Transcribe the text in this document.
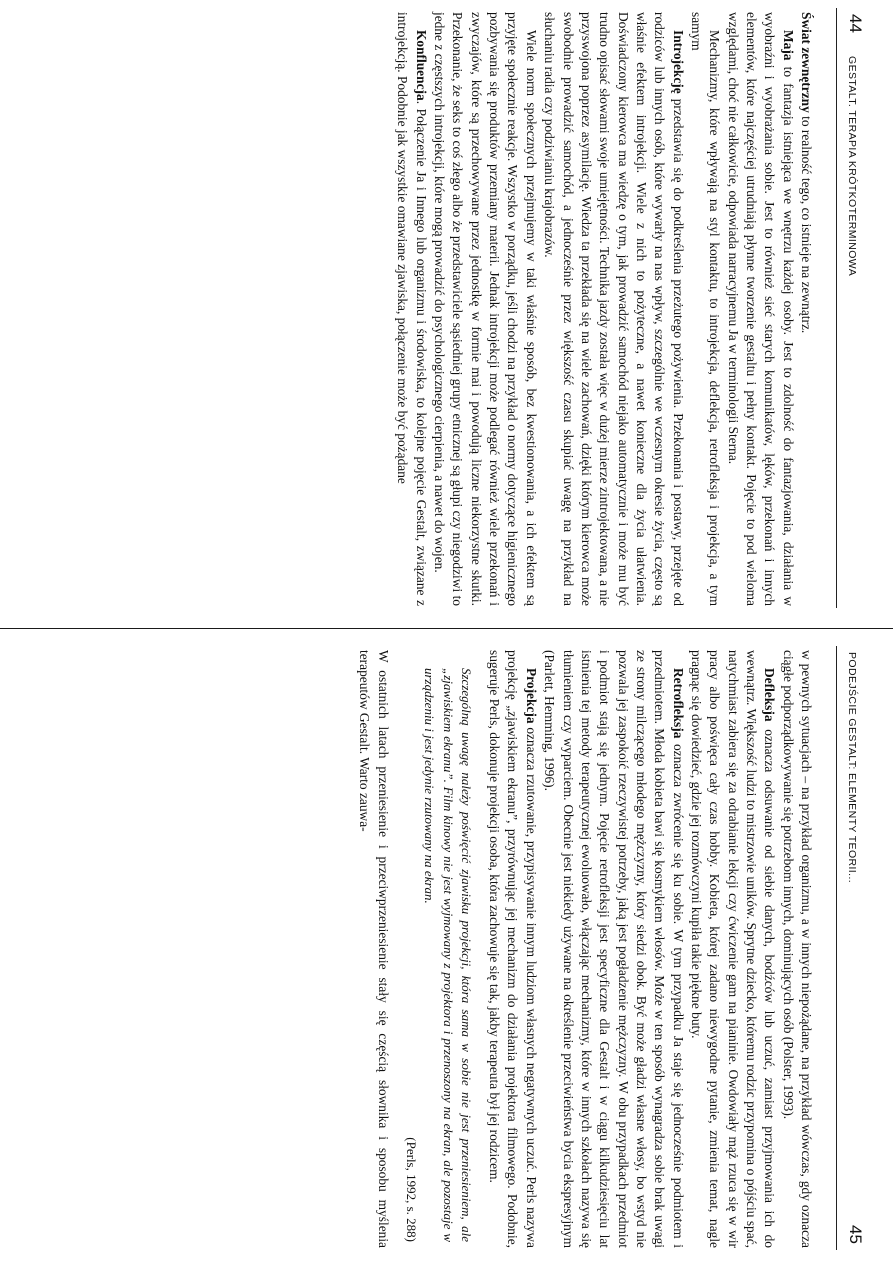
44
GESTALT. TERAPIA KRÓTKOTERMINOWA

Świat zewnętrzny to realność tego, co istnieje na zewnątrz.

Maja to fantazja istniejąca we wnętrzu każdej osoby. Jest to zdolność do fantazjowania, działania w wyobraźni i wyobrażania sobie. Jest to również sieć starych komunikatów, lęków, przekonań i innych elementów, które najczęściej utrudniają płynne tworzenie gestaltu i pełny kontakt. Pojęcie to pod wieloma względami, choć nie całkowicie, odpowiada narracyjnemu Ja w terminologii Sterna.

Mechanizmy, które wpływają na styl kontaktu, to introjekcja, deflekcja, retrofleksja i projekcja, a tym samym

Introjekcję przedstawia się do podkreślenia przeżutego pożywienia. Przekonania i postawy, przejęte od rodziców lub innych osób, które wywarły na nas wpływ, szczególnie we wczesnym okresie życia, często są właśnie efektem introjekcji. Wiele z nich to pożyteczne, a nawet konieczne dla życia ułatwienia. Doświadczony kierowca ma wiedzę o tym, jak prowadzić samochód niejako automatycznie i może mu być trudno opisać słowami swoje umiejętności. Technika jazdy została więc w dużej mierze zintrojektowana, a nie przyswojona poprzez asymilację. Wiedza ta przekłada się na wiele zachowań, dzięki którym kierowca może swobodnie prowadzić samochód, a jednocześnie przez większość czasu skupiać uwagę na przykład na słuchaniu radia czy podziwianiu krajobrazów.

Wiele norm społecznych przejmujemy w taki właśnie sposób, bez kwestionowania, a ich efektem są przyjęte społecznie reakcje. Wszystko w porządku, jeśli chodzi na przykład o normy dotyczące higienicznego pozbywania się produktów przemiany materii. Jednak introjekcji może podlegać również wiele przekonań i zwyczajów, które są przechowywane przez jednostkę w formie mai i powodują liczne niekorzystne skutki. Przekonanie, że seks to coś złego albo że przedstawiciele sąsiedniej grupy etnicznej są głupi czy niegodziwi to jedne z częstszych introjekcji, które mogą prowadzić do psychologicznego cierpienia, a nawet do wojen.

Konfluencja. Połączenie Ja i Innego lub organizmu i środowiska, to kolejne pojęcie Gestalt, związane z introjekcją. Podobnie jak wszystkie omawiane zjawiska, połączenie może być pożądane

PODEJŚCIE GESTALT: ELEMENTY TEORII...
45

w pewnych sytuacjach – na przykład organizmu, a w innych niepożądane, na przykład wówczas, gdy oznacza ciągłe podporządkowywanie się potrzebom innych, dominujących osób (Polster, 1993).

Defleksja oznacza odsuwanie od siebie danych, bodźców lub uczuć, zamiast przyjmowania ich do wewnątrz. Większość ludzi to mistrzowie uników. Sprytne dziecko, któremu rodzic przypomina o pójściu spać, natychmiast zabiera się za odrabianie lekcji czy ćwiczenie gam na pianinie. Owdowiały mąż rzuca się w wir pracy albo poświęca cały czas hobby. Kobieta, której zadano niewygodne pytanie, zmienia temat, nagle pragnąc się dowiedzieć, gdzie jej rozmówczyni kupiła takie piękne buty.

Retrofleksja oznacza zwrócenie się ku sobie. W tym przypadku Ja staje się jednocześnie podmiotem i przedmiotem. Młoda kobieta bawi się kosmykiem włosów. Może w ten sposób wynagradza sobie brak uwagi ze strony milczącego młodego mężczyzny, który siedzi obok. Być może gładzi własne włosy, bo wstyd nie pozwala jej zaspokoić rzeczywistej potrzeby, jaką jest pogładzenie mężczyzny. W obu przypadkach przedmiot i podmiot stają się jednym. Pojęcie retrofleksji jest specyficzne dla Gestalt i w ciągu kilkudziesięciu lat istnienia tej metody terapeutycznej ewoluowało, włączając mechanizmy, które w innych szkołach nazywa się tłumieniem czy wyparciem. Obecnie jest niekiedy używane na określenie przeciwieństwa bycia ekspresyjnym (Parlett, Hemming, 1996).

Projekcja oznacza rzutowanie, przypisywanie innym ludziom własnych negatywnych uczuć. Perls nazywa projekcję „zjawiskiem ekranu”, przyrównując jej mechanizm do działania projektora filmowego. Podobnie, sugeruje Perls, dokonuje projekcji osoba, która zachowuje się tak, jakby terapeuta był jej rodzicem.

Szczególną uwagę należy poświęcić zjawisku projekcji, która sama w sobie nie jest przeniesieniem, ale „zjawiskiem ekranu”. Film kinowy nie jest wyjmowany z projektora i przenoszony na ekran, ale pozostaje w urządzeniu i jest jedynie rzutowany na ekran.
(Perls, 1992, s. 288)

W ostatnich latach przeniesienie i przeciwprzeniesienie stały się częścią słownika i sposobu myślenia terapeutów Gestalt. Warto zauwa-
